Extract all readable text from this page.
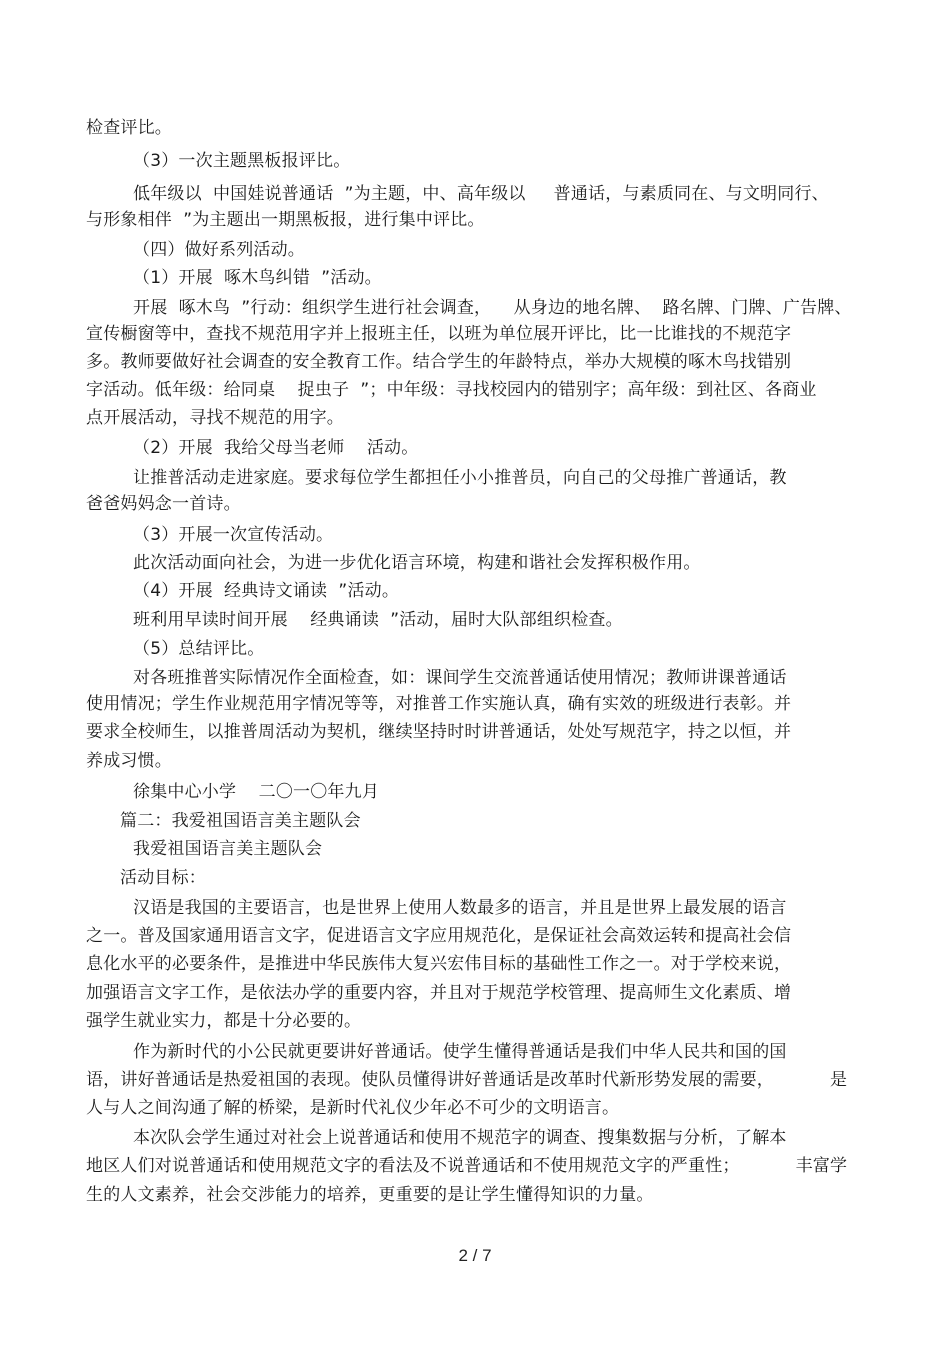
检查评比。
（3）一次主题黑板报评比。
低年级以  中国娃说普通话  ”为主题，中、高年级以     普通话，与素质同在、与文明同行、
与形象相伴  ”为主题出一期黑板报，进行集中评比。
（四）做好系列活动。
（1）开展  啄木鸟纠错  ”活动。
开展  啄木鸟  ”行动：组织学生进行社会调查，    从身边的地名牌、  路名牌、门牌、广告牌、
宣传橱窗等中，查找不规范用字并上报班主任，以班为单位展开评比，比一比谁找的不规范字
多。教师要做好社会调查的安全教育工作。结合学生的年龄特点，举办大规模的啄木鸟找错别
字活动。低年级：给同桌    捉虫子  ”；中年级：寻找校园内的错别字；高年级：到社区、各商业
点开展活动，寻找不规范的用字。
（2）开展  我给父母当老师    活动。
让推普活动走进家庭。要求每位学生都担任小小推普员，向自己的父母推广普通话，教
爸爸妈妈念一首诗。
（3）开展一次宣传活动。
此次活动面向社会，为进一步优化语言环境，构建和谐社会发挥积极作用。
（4）开展  经典诗文诵读  ”活动。
班利用早读时间开展    经典诵读  ”活动，届时大队部组织检查。
（5）总结评比。
对各班推普实际情况作全面检查，如：课间学生交流普通话使用情况；教师讲课普通话
使用情况；学生作业规范用字情况等等，对推普工作实施认真，确有实效的班级进行表彰。并
要求全校师生，以推普周活动为契机，继续坚持时时讲普通话，处处写规范字，持之以恒，并
养成习惯。
徐集中心小学    二〇一〇年九月
篇二：我爱祖国语言美主题队会
我爱祖国语言美主题队会
活动目标：
汉语是我国的主要语言，也是世界上使用人数最多的语言，并且是世界上最发展的语言
之一。普及国家通用语言文字，促进语言文字应用规范化，是保证社会高效运转和提高社会信
息化水平的必要条件，是推进中华民族伟大复兴宏伟目标的基础性工作之一。对于学校来说，
加强语言文字工作，是依法办学的重要内容，并且对于规范学校管理、提高师生文化素质、增
强学生就业实力，都是十分必要的。
作为新时代的小公民就更要讲好普通话。使学生懂得普通话是我们中华人民共和国的国
语，讲好普通话是热爱祖国的表现。使队员懂得讲好普通话是改革时代新形势发展的需要，          是
人与人之间沟通了解的桥梁，是新时代礼仪少年必不可少的文明语言。
本次队会学生通过对社会上说普通话和使用不规范字的调查、搜集数据与分析，了解本
地区人们对说普通话和使用规范文字的看法及不说普通话和不使用规范文字的严重性；          丰富学
生的人文素养，社会交涉能力的培养，更重要的是让学生懂得知识的力量。
2 / 7
